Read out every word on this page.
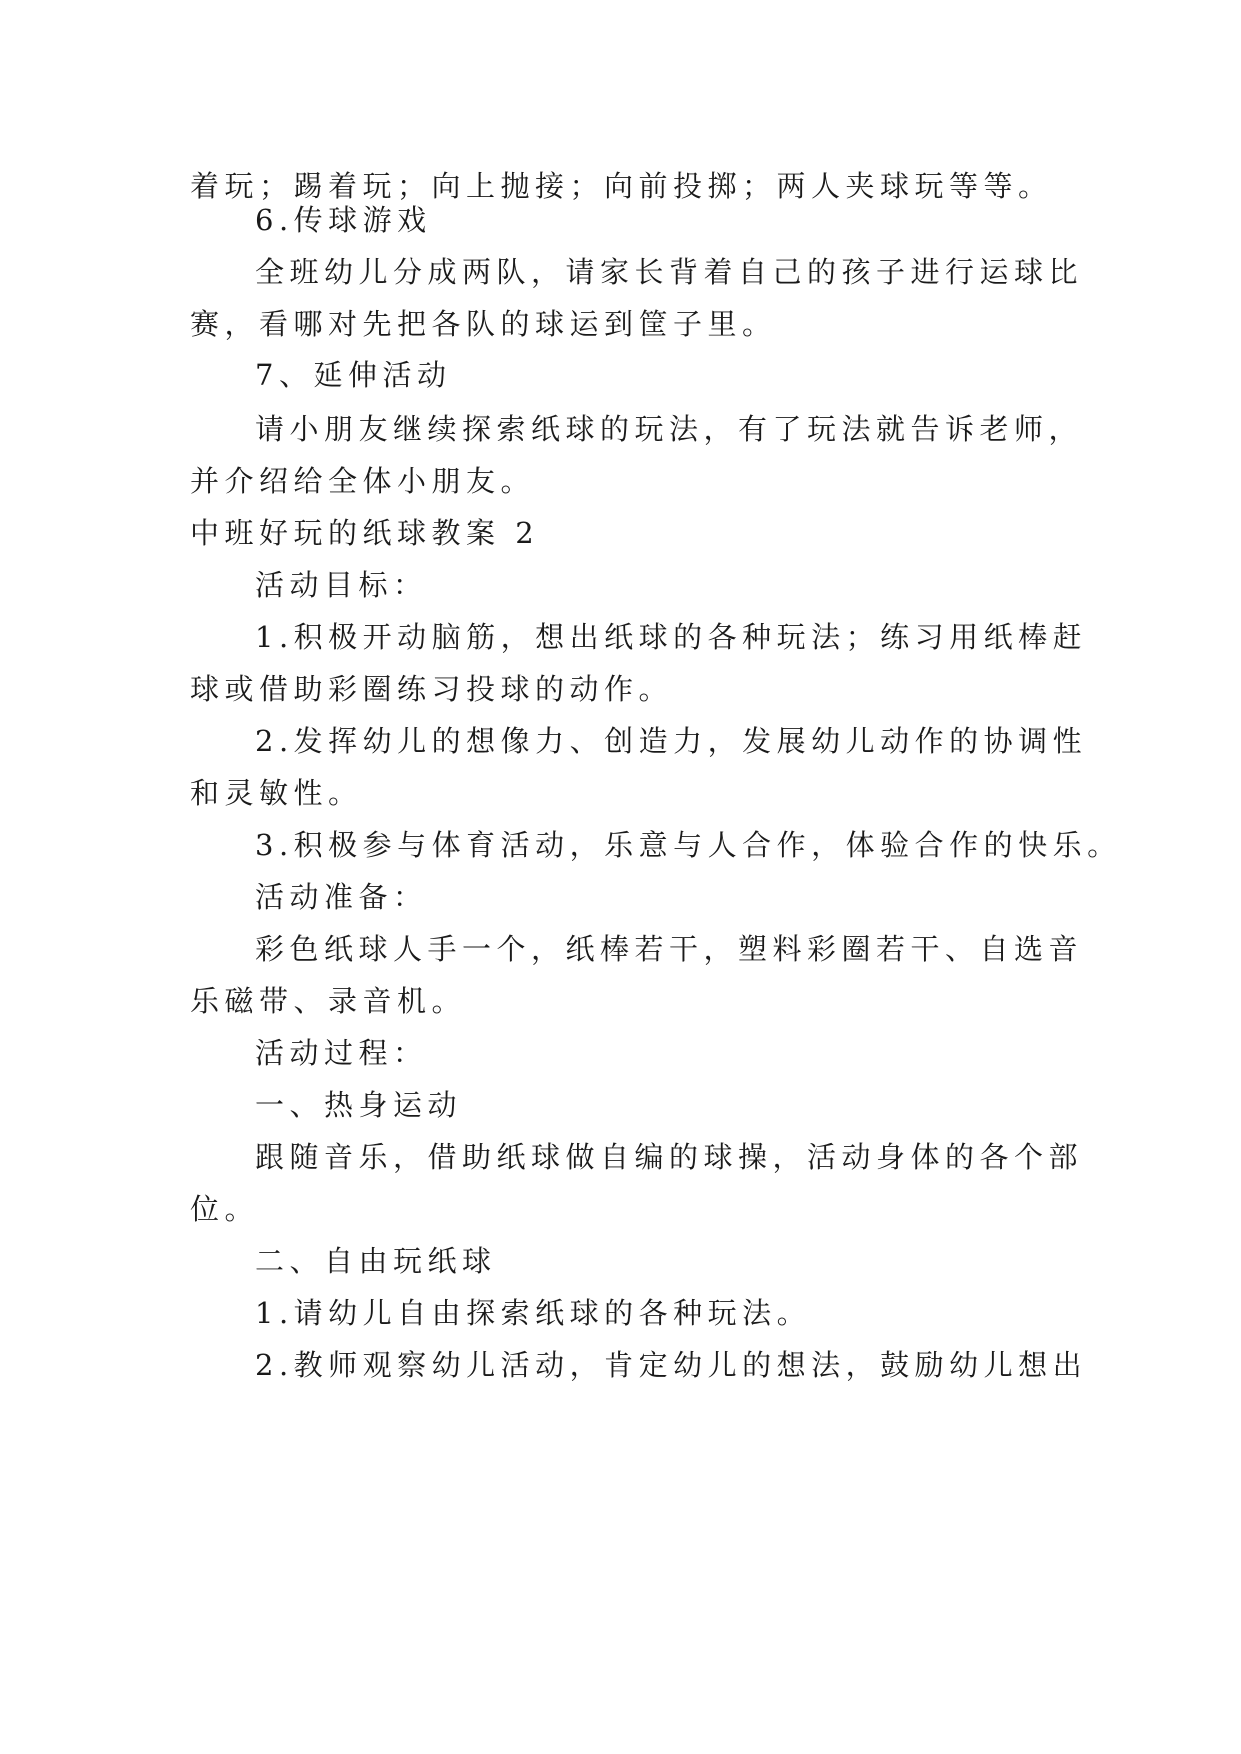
着玩；踢着玩；向上抛接；向前投掷；两人夹球玩等等。
6.传球游戏
全班幼儿分成两队，请家长背着自己的孩子进行运球比
赛，看哪对先把各队的球运到筐子里。
7、延伸活动
请小朋友继续探索纸球的玩法，有了玩法就告诉老师，
并介绍给全体小朋友。
中班好玩的纸球教案 2
活动目标：
1.积极开动脑筋，想出纸球的各种玩法；练习用纸棒赶
球或借助彩圈练习投球的动作。
2.发挥幼儿的想像力、创造力，发展幼儿动作的协调性
和灵敏性。
3.积极参与体育活动，乐意与人合作，体验合作的快乐。
活动准备：
彩色纸球人手一个，纸棒若干，塑料彩圈若干、自选音
乐磁带、录音机。
活动过程：
一、热身运动
跟随音乐，借助纸球做自编的球操，活动身体的各个部
位。
二、自由玩纸球
1.请幼儿自由探索纸球的各种玩法。
2.教师观察幼儿活动，肯定幼儿的想法，鼓励幼儿想出
